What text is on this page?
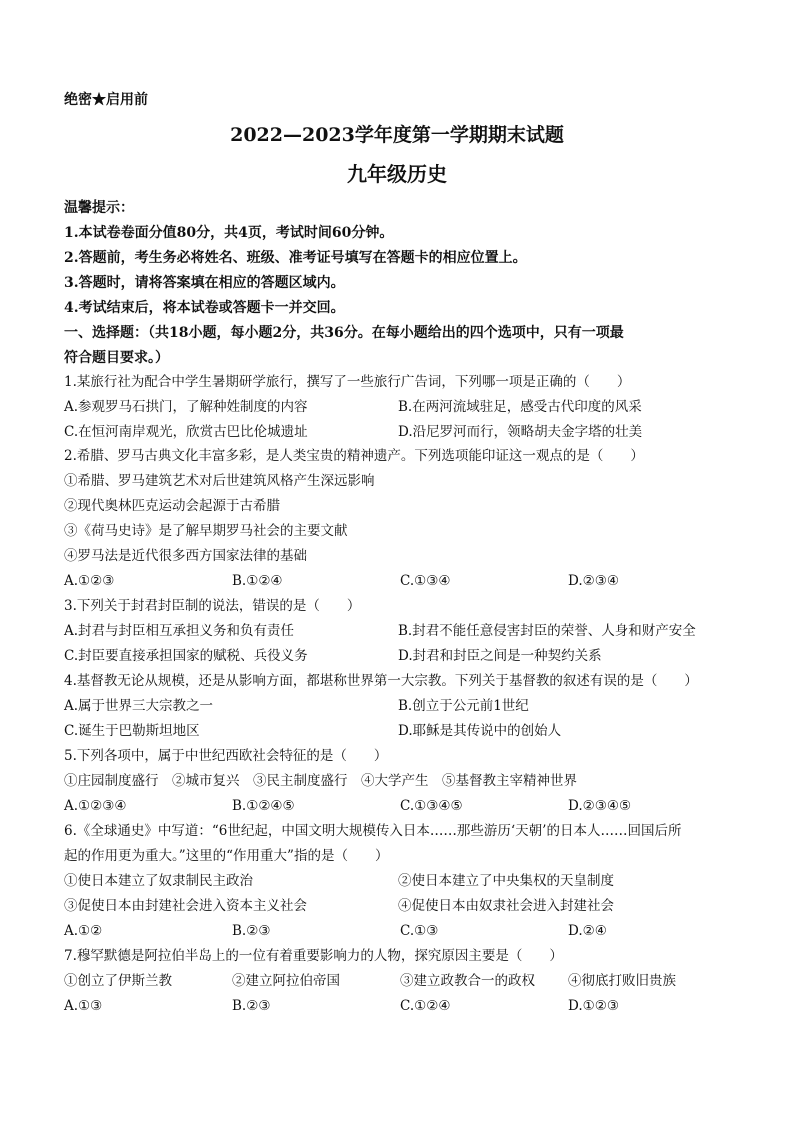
绝密★启用前
2022—2023学年度第一学期期末试题
九年级历史
温馨提示：
1.本试卷卷面分值80分，共4页，考试时间60分钟。
2.答题前，考生务必将姓名、班级、准考证号填写在答题卡的相应位置上。
3.答题时，请将答案填在相应的答题区域内。
4.考试结束后，将本试卷或答题卡一并交回。
一、选择题：（共18小题，每小题2分，共36分。在每小题给出的四个选项中，只有一项最
符合题目要求。）
1.某旅行社为配合中学生暑期研学旅行，撰写了一些旅行广告词，下列哪一项是正确的（　　）
A.参观罗马石拱门，了解种姓制度的内容	B.在两河流域驻足，感受古代印度的风采
C.在恒河南岸观光，欣赏古巴比伦城遗址	D.沿尼罗河而行，领略胡夫金字塔的壮美
2.希腊、罗马古典文化丰富多彩，是人类宝贵的精神遗产。下列选项能印证这一观点的是（　　）
①希腊、罗马建筑艺术对后世建筑风格产生深远影响
②现代奥林匹克运动会起源于古希腊
③《荷马史诗》是了解早期罗马社会的主要文献
④罗马法是近代很多西方国家法律的基础
A.①②③	B.①②④	C.①③④	D.②③④
3.下列关于封君封臣制的说法，错误的是（　　）
A.封君与封臣相互承担义务和负有责任	B.封君不能任意侵害封臣的荣誉、人身和财产安全
C.封臣要直接承担国家的赋税、兵役义务	D.封君和封臣之间是一种契约关系
4.基督教无论从规模，还是从影响方面，都堪称世界第一大宗教。下列关于基督教的叙述有误的是（　　）
A.属于世界三大宗教之一	B.创立于公元前1世纪
C.诞生于巴勒斯坦地区	D.耶稣是其传说中的创始人
5.下列各项中，属于中世纪西欧社会特征的是（　　）
①庄园制度盛行　②城市复兴　③民主制度盛行　④大学产生　⑤基督教主宰精神世界
A.①②③④	B.①②④⑤	C.①③④⑤	D.②③④⑤
6.《全球通史》中写道：“6世纪起，中国文明大规模传入日本……那些游历‘天朝’的日本人……回国后所
起的作用更为重大。”这里的“作用重大”指的是（　　）
①使日本建立了奴隶制民主政治	②使日本建立了中央集权的天皇制度
③促使日本由封建社会进入资本主义社会	④促使日本由奴隶社会进入封建社会
A.①②	B.②③	C.①③	D.②④
7.穆罕默德是阿拉伯半岛上的一位有着重要影响力的人物，探究原因主要是（　　）
①创立了伊斯兰教	②建立阿拉伯帝国	③建立政教合一的政权 ④彻底打败旧贵族
A.①③	B.②③	C.①②④	D.①②③
